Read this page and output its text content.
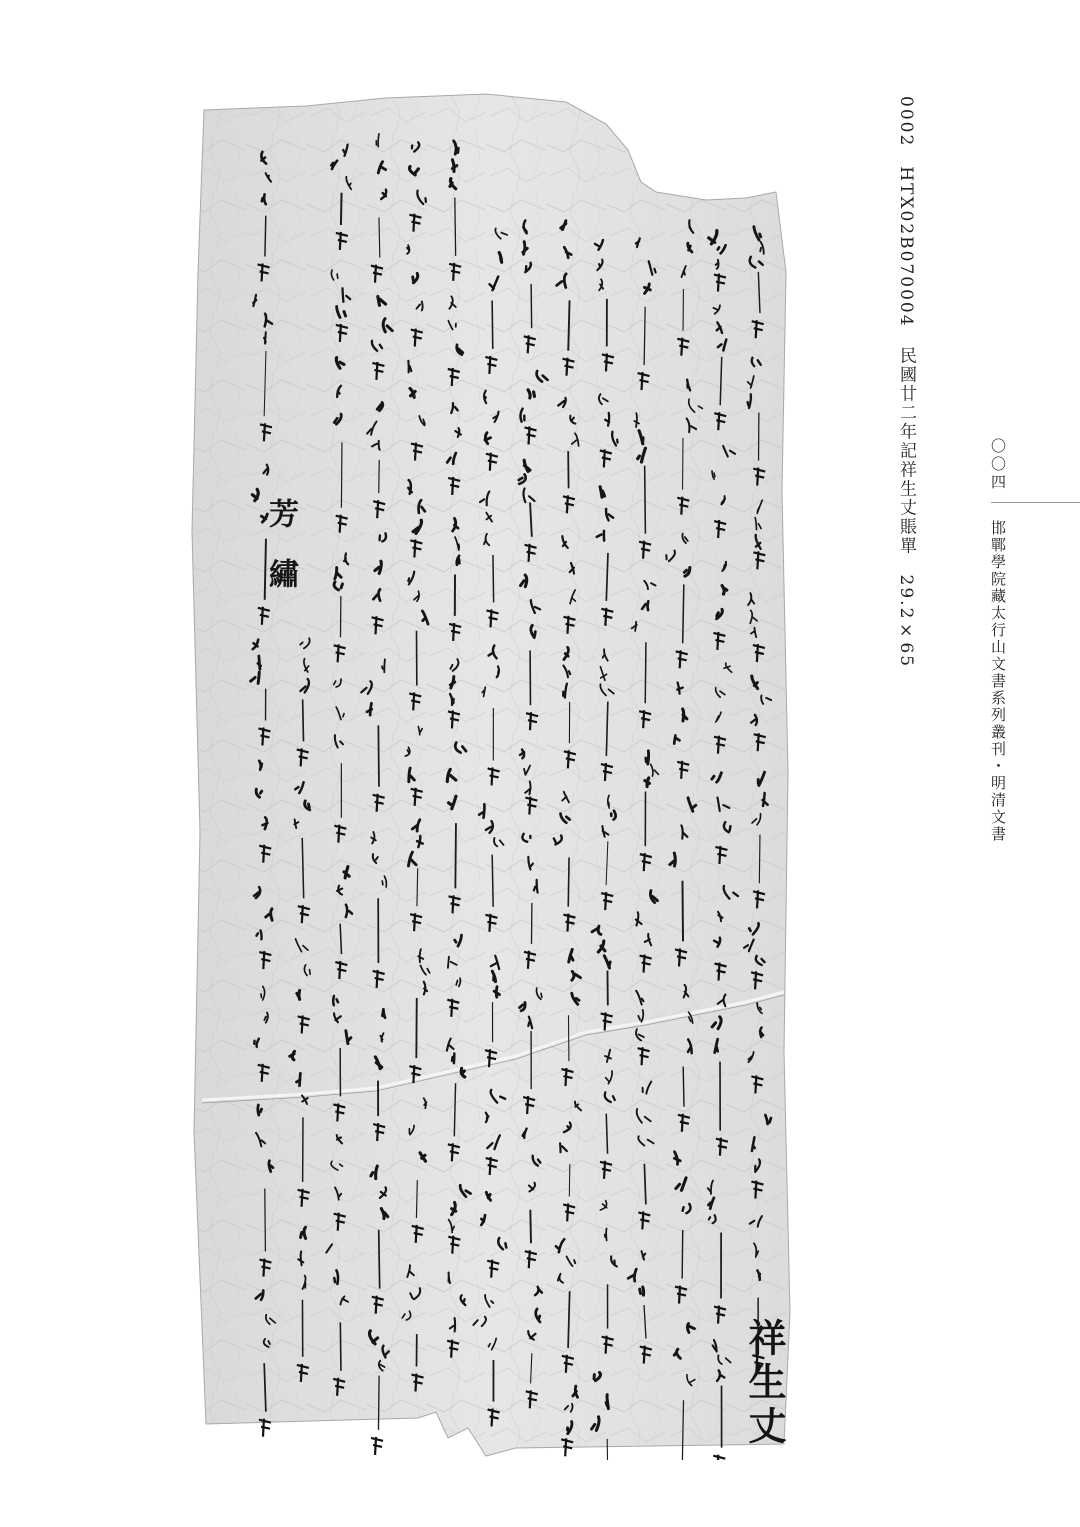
0002　HTX02B070004　民國廿二年記祥生丈賬單　29.2×65	〇〇四
邯鄲學院藏太行山文書系列叢刊・明清文書
祥生丈
芳　繡
